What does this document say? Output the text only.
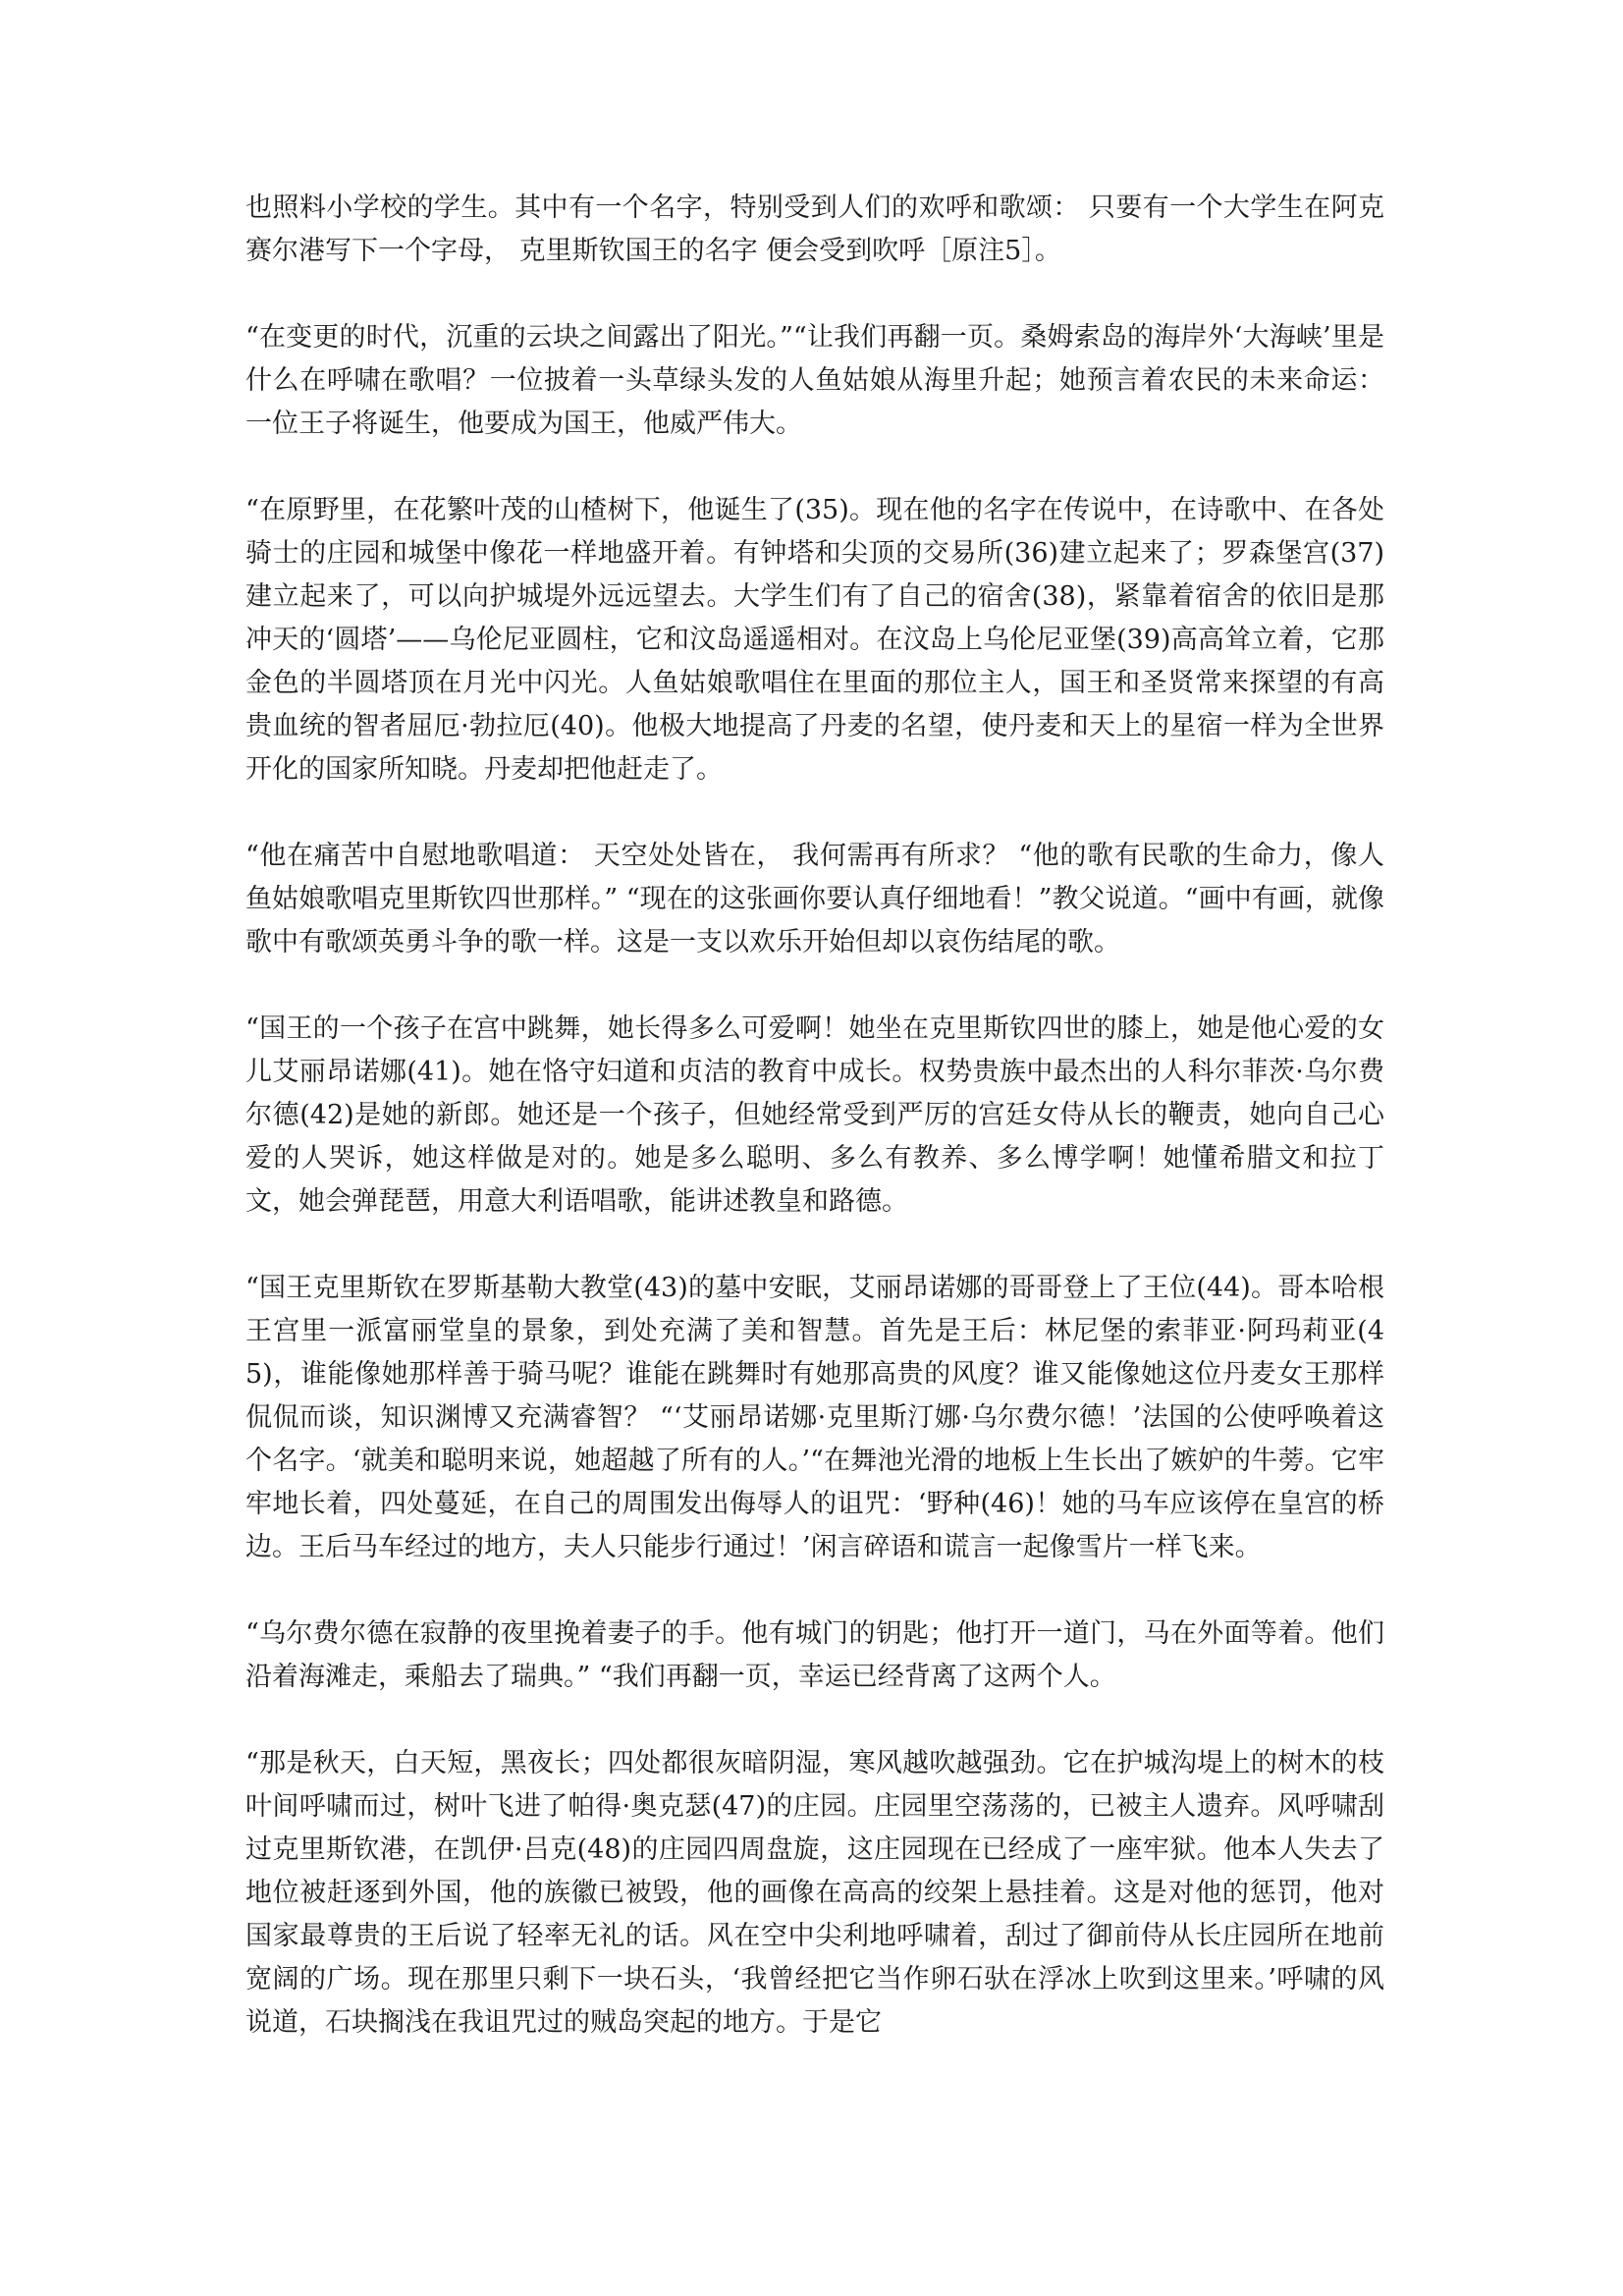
也照料小学校的学生。其中有一个名字，特别受到人们的欢呼和歌颂： 只要有一个大学生在阿克赛尔港写下一个字母， 克里斯钦国王的名字 便会受到吹呼［原注5］。

“在变更的时代，沉重的云块之间露出了阳光。”“让我们再翻一页。桑姆索岛的海岸外‘大海峡’里是什么在呼啸在歌唱？一位披着一头草绿头发的人鱼姑娘从海里升起；她预言着农民的未来命运：一位王子将诞生，他要成为国王，他威严伟大。

“在原野里，在花繁叶茂的山楂树下，他诞生了(35)。现在他的名字在传说中，在诗歌中、在各处骑士的庄园和城堡中像花一样地盛开着。有钟塔和尖顶的交易所(36)建立起来了；罗森堡宫(37)建立起来了，可以向护城堤外远远望去。大学生们有了自己的宿舍(38)，紧靠着宿舍的依旧是那冲天的‘圆塔’——乌伦尼亚圆柱，它和汶岛遥遥相对。在汶岛上乌伦尼亚堡(39)高高耸立着，它那金色的半圆塔顶在月光中闪光。人鱼姑娘歌唱住在里面的那位主人，国王和圣贤常来探望的有高贵血统的智者屈厄·勃拉厄(40)。他极大地提高了丹麦的名望，使丹麦和天上的星宿一样为全世界开化的国家所知晓。丹麦却把他赶走了。

“他在痛苦中自慰地歌唱道： 天空处处皆在， 我何需再有所求？ “他的歌有民歌的生命力，像人鱼姑娘歌唱克里斯钦四世那样。” “现在的这张画你要认真仔细地看！”教父说道。“画中有画，就像歌中有歌颂英勇斗争的歌一样。这是一支以欢乐开始但却以哀伤结尾的歌。

“国王的一个孩子在宫中跳舞，她长得多么可爱啊！她坐在克里斯钦四世的膝上，她是他心爱的女儿艾丽昂诺娜(41)。她在恪守妇道和贞洁的教育中成长。权势贵族中最杰出的人科尔菲茨·乌尔费尔德(42)是她的新郎。她还是一个孩子，但她经常受到严厉的宫廷女侍从长的鞭责，她向自己心爱的人哭诉，她这样做是对的。她是多么聪明、多么有教养、多么博学啊！她懂希腊文和拉丁文，她会弹琵琶，用意大利语唱歌，能讲述教皇和路德。

“国王克里斯钦在罗斯基勒大教堂(43)的墓中安眠，艾丽昂诺娜的哥哥登上了王位(44)。哥本哈根王宫里一派富丽堂皇的景象，到处充满了美和智慧。首先是王后：林尼堡的索菲亚·阿玛莉亚(45)，谁能像她那样善于骑马呢？谁能在跳舞时有她那高贵的风度？谁又能像她这位丹麦女王那样侃侃而谈，知识渊博又充满睿智？ “‘艾丽昂诺娜·克里斯汀娜·乌尔费尔德！’法国的公使呼唤着这个名字。‘就美和聪明来说，她超越了所有的人。’“在舞池光滑的地板上生长出了嫉妒的牛蒡。它牢牢地长着，四处蔓延，在自己的周围发出侮辱人的诅咒：‘野种(46)！她的马车应该停在皇宫的桥边。王后马车经过的地方，夫人只能步行通过！’闲言碎语和谎言一起像雪片一样飞来。

“乌尔费尔德在寂静的夜里挽着妻子的手。他有城门的钥匙；他打开一道门，马在外面等着。他们沿着海滩走，乘船去了瑞典。” “我们再翻一页，幸运已经背离了这两个人。

“那是秋天，白天短，黑夜长；四处都很灰暗阴湿，寒风越吹越强劲。它在护城沟堤上的树木的枝叶间呼啸而过，树叶飞进了帕得·奥克瑟(47)的庄园。庄园里空荡荡的，已被主人遗弃。风呼啸刮过克里斯钦港，在凯伊·吕克(48)的庄园四周盘旋，这庄园现在已经成了一座牢狱。他本人失去了地位被赶逐到外国，他的族徽已被毁，他的画像在高高的绞架上悬挂着。这是对他的惩罚，他对国家最尊贵的王后说了轻率无礼的话。风在空中尖利地呼啸着，刮过了御前侍从长庄园所在地前宽阔的广场。现在那里只剩下一块石头，‘我曾经把它当作卵石驮在浮冰上吹到这里来。’呼啸的风说道，石块搁浅在我诅咒过的贼岛突起的地方。于是它
